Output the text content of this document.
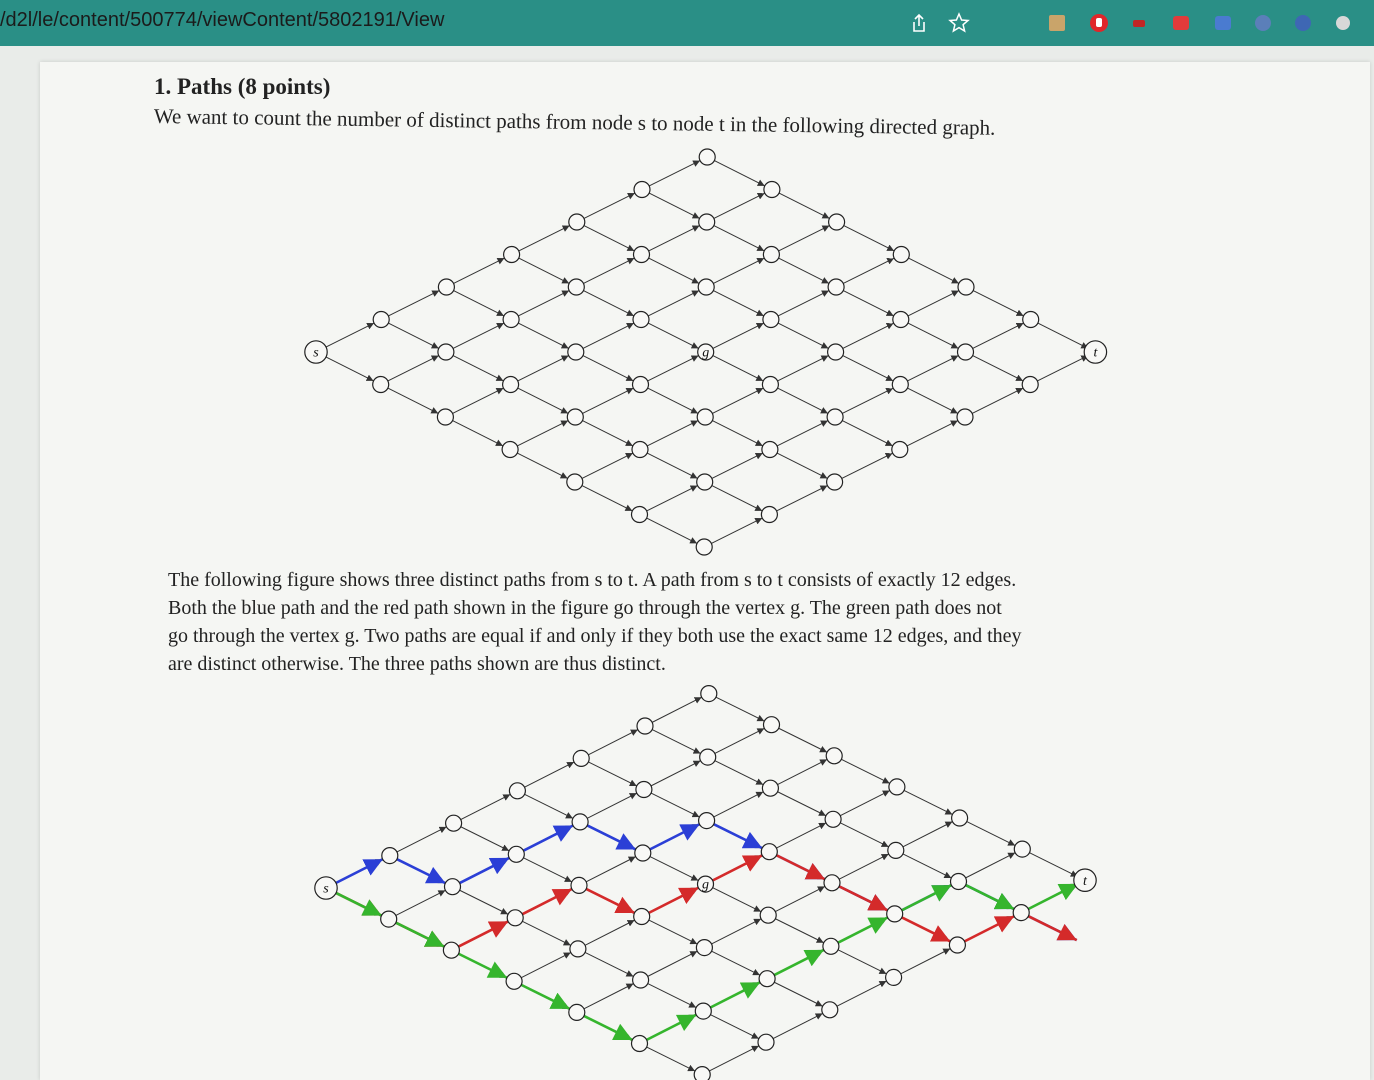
/d2l/le/content/500774/viewContent/5802191/View
1. Paths (8 points)
We want to count the number of distinct paths from node s to node t in the following directed graph.
The following figure shows three distinct paths from s to t. A path from s to t consists of exactly 12 edges.
Both the blue path and the red path shown in the figure go through the vertex g. The green path does not
go through the vertex g. Two paths are equal if and only if they both use the exact same 12 edges, and they
are distinct otherwise. The three paths shown are thus distinct.
s	g	t
s	g	t
